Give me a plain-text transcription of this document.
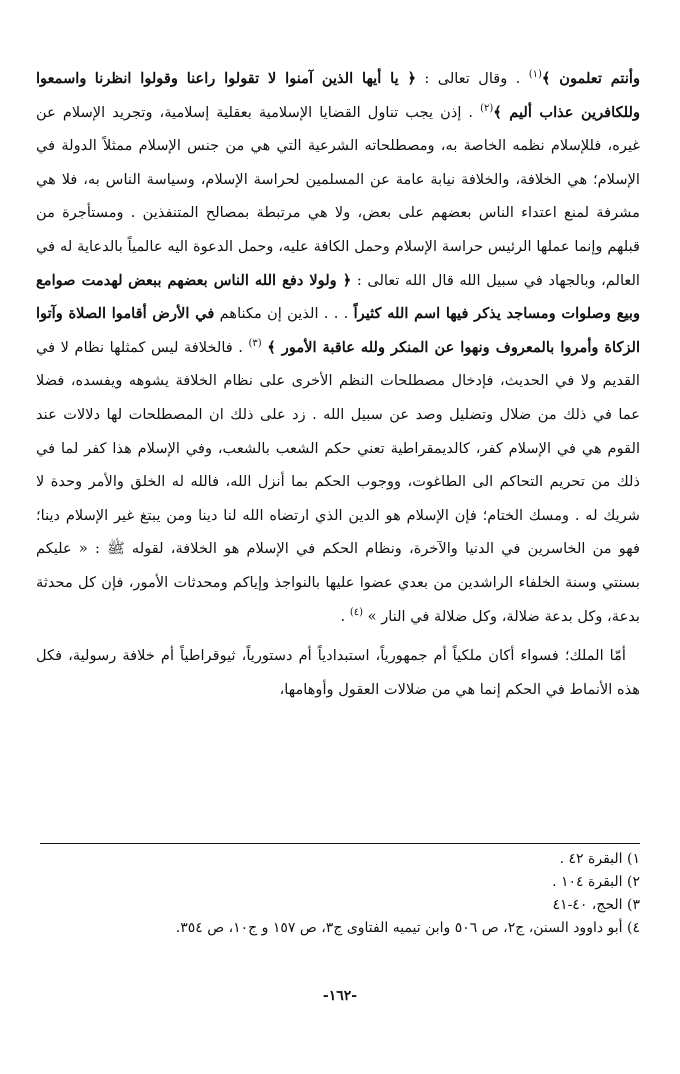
وأنتم تعلمون ﴾$^{(١)}$ . وقال تعالى : ﴿ يا أيها الذين آمنوا لا تقولوا راعنا وقولوا انظرنا واسمعوا وللكافرين عذاب أليم ﴾$^{(٢)}$ . إذن يجب تناول القضايا الإسلامية بعقلية إسلامية، وتجريد الإسلام عن غيره، فللإسلام نظمه الخاصة به، ومصطلحاته الشرعية التي هي من جنس الإسلام ممثلاً الدولة في الإسلام؛ هي الخلافة، والخلافة نيابة عامة عن المسلمين لحراسة الإسلام، وسياسة الناس به، فلا هي مشرفة لمنع اعتداء الناس بعضهم على بعض، ولا هي مرتبطة بمصالح المتنفذين . ومستأجرة من قبلهم وإنما عملها الرئيس حراسة الإسلام وحمل الكافة عليه، وحمل الدعوة اليه عالمياً بالدعاية له في العالم، وبالجهاد في سبيل الله قال الله تعالى : ﴿ ولولا دفع الله الناس بعضهم ببعض لهدمت صوامع وبيع وصلوات ومساجد يذكر فيها اسم الله كثيراً . . . الذين إن مكناهم في الأرض أقاموا الصلاة وآتوا الزكاة وأمروا بالمعروف ونهوا عن المنكر ولله عاقبة الأمور ﴾ $^{(٣)}$ . فالخلافة ليس كمثلها نظام لا في القديم ولا في الحديث، فإدخال مصطلحات النظم الأخرى على نظام الخلافة يشوهه ويفسده، فضلا عما في ذلك من ضلال وتضليل وصد عن سبيل الله . زد على ذلك ان المصطلحات لها دلالات عند القوم هي في الإسلام كفر، كالديمقراطية تعني حكم الشعب بالشعب، وفي الإسلام هذا كفر لما في ذلك من تحريم التحاكم الى الطاغوت، ووجوب الحكم بما أنزل الله، فالله له الخلق والأمر وحدة لا شريك له . ومسك الختام؛ فإن الإسلام هو الدين الذي ارتضاه الله لنا دينا ومن يبتغ غير الإسلام دينا؛ فهو من الخاسرين في الدنيا والآخرة، ونظام الحكم في الإسلام هو الخلافة، لقوله ﷺ : « عليكم بسنتي وسنة الخلفاء الراشدين من بعدي عضوا عليها بالنواجذ وإياكم ومحدثات الأمور، فإن كل محدثة بدعة، وكل بدعة ضلالة، وكل ضلالة في النار » $^{(٤)}$ .

أمّا الملك؛ فسواء أكان ملكياً أم جمهورياً، استبدادياً أم دستورياً، ثيوقراطياً أم خلافة رسولية، فكل هذه الأنماط في الحكم إنما هي من ضلالات العقول وأوهامها،

١) البقرة ٤٢ .
٢) البقرة ١٠٤ .
٣) الحج، ٤٠-٤١
٤) أبو داوود السنن، ج٢، ص ٥٠٦ وابن تيميه الفتاوى ج٣، ص ١٥٧ و ج١٠، ص ٣٥٤.
-١٦٢-
